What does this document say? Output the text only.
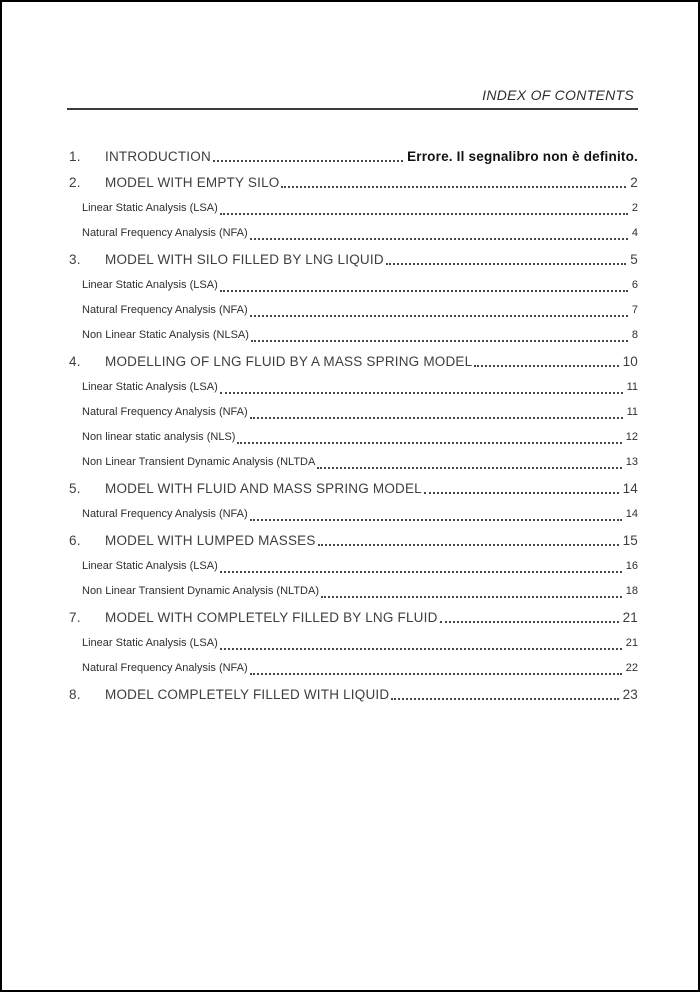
INDEX OF CONTENTS
1.	INTRODUCTION	Errore. Il segnalibro non è definito.
2.	MODEL WITH EMPTY SILO	2
Linear Static Analysis (LSA)	2
Natural Frequency Analysis (NFA)	4
3.	MODEL WITH SILO FILLED BY LNG LIQUID	5
Linear Static Analysis (LSA)	6
Natural Frequency Analysis (NFA)	7
Non Linear Static Analysis (NLSA)	8
4.	MODELLING OF LNG FLUID BY A MASS SPRING MODEL	10
Linear Static Analysis (LSA)	11
Natural Frequency Analysis (NFA)	11
Non linear static analysis (NLS)	12
Non Linear Transient Dynamic Analysis (NLTDA	13
5.	MODEL WITH FLUID AND MASS SPRING MODEL	14
Natural Frequency Analysis (NFA)	14
6.	MODEL WITH LUMPED MASSES	15
Linear Static Analysis (LSA)	16
Non Linear Transient Dynamic Analysis (NLTDA)	18
7.	MODEL WITH COMPLETELY FILLED BY LNG FLUID	21
Linear Static Analysis (LSA)	21
Natural Frequency Analysis (NFA)	22
8.	MODEL COMPLETELY FILLED WITH LIQUID	23
